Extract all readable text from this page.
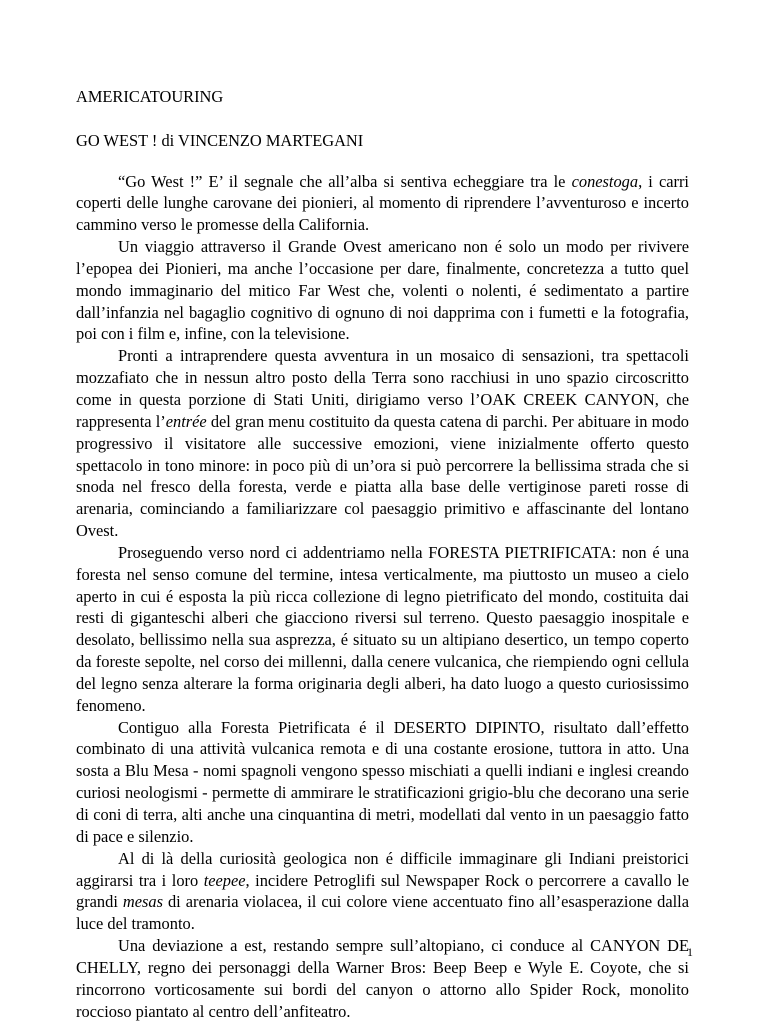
AMERICATOURING

GO WEST ! di VINCENZO MARTEGANI

“Go West !” E’ il segnale che all’alba si sentiva echeggiare tra le conestoga, i carri coperti delle lunghe carovane dei pionieri, al momento di riprendere l’avventuroso e incerto cammino verso le promesse della California.

Un viaggio attraverso il Grande Ovest americano non é solo un modo per rivivere l’epopea dei Pionieri, ma anche l’occasione per dare, finalmente, concretezza a tutto quel mondo immaginario del mitico Far West che, volenti o nolenti, é sedimentato a partire dall’infanzia nel bagaglio cognitivo di ognuno di noi dapprima con i fumetti e la fotografia, poi con i film e, infine, con la televisione.

Pronti a intraprendere questa avventura in un mosaico di sensazioni, tra spettacoli mozzafiato che in nessun altro posto della Terra sono racchiusi in uno spazio circoscritto come in questa porzione di Stati Uniti, dirigiamo verso l’OAK CREEK CANYON, che rappresenta l’entrée del gran menu costituito da questa catena di parchi. Per abituare in modo progressivo il visitatore alle successive emozioni, viene inizialmente offerto questo spettacolo in tono minore: in poco più di un’ora si può percorrere la bellissima strada che si snoda nel fresco della foresta, verde e piatta alla base delle vertiginose pareti rosse di arenaria, cominciando a familiarizzare col paesaggio primitivo e affascinante del lontano Ovest.

Proseguendo verso nord ci addentriamo nella FORESTA PIETRIFICATA: non é una foresta nel senso comune del termine, intesa verticalmente, ma piuttosto un museo a cielo aperto in cui é esposta la più ricca collezione di legno pietrificato del mondo, costituita dai resti di giganteschi alberi che giacciono riversi sul terreno. Questo paesaggio inospitale e desolato, bellissimo nella sua asprezza, é situato su un altipiano desertico, un tempo coperto da foreste sepolte, nel corso dei millenni, dalla cenere vulcanica, che riempiendo ogni cellula del legno senza alterare la forma originaria degli alberi, ha dato luogo a questo curiosissimo fenomeno.

Contiguo alla Foresta Pietrificata é il DESERTO DIPINTO, risultato dall’effetto combinato di una attività vulcanica remota e di una costante erosione, tuttora in atto. Una sosta a Blu Mesa - nomi spagnoli vengono spesso mischiati a quelli indiani e inglesi creando curiosi neologismi - permette di ammirare le stratificazioni grigio-blu che decorano una serie di coni di terra, alti anche una cinquantina di metri, modellati dal vento in un paesaggio fatto di pace e silenzio.

Al di là della curiosità geologica non é difficile immaginare gli Indiani preistorici aggirarsi tra i loro teepee, incidere Petroglifi sul Newspaper Rock o percorrere a cavallo le grandi mesas di arenaria violacea, il cui colore viene accentuato fino all’esasperazione dalla luce del tramonto.

Una deviazione a est, restando sempre sull’altopiano, ci conduce al CANYON DE CHELLY, regno dei personaggi della Warner Bros: Beep Beep e Wyle E. Coyote, che si rincorrono vorticosamente sui bordi del canyon o attorno allo Spider Rock, monolito roccioso piantato al centro dell’anfiteatro.

1
